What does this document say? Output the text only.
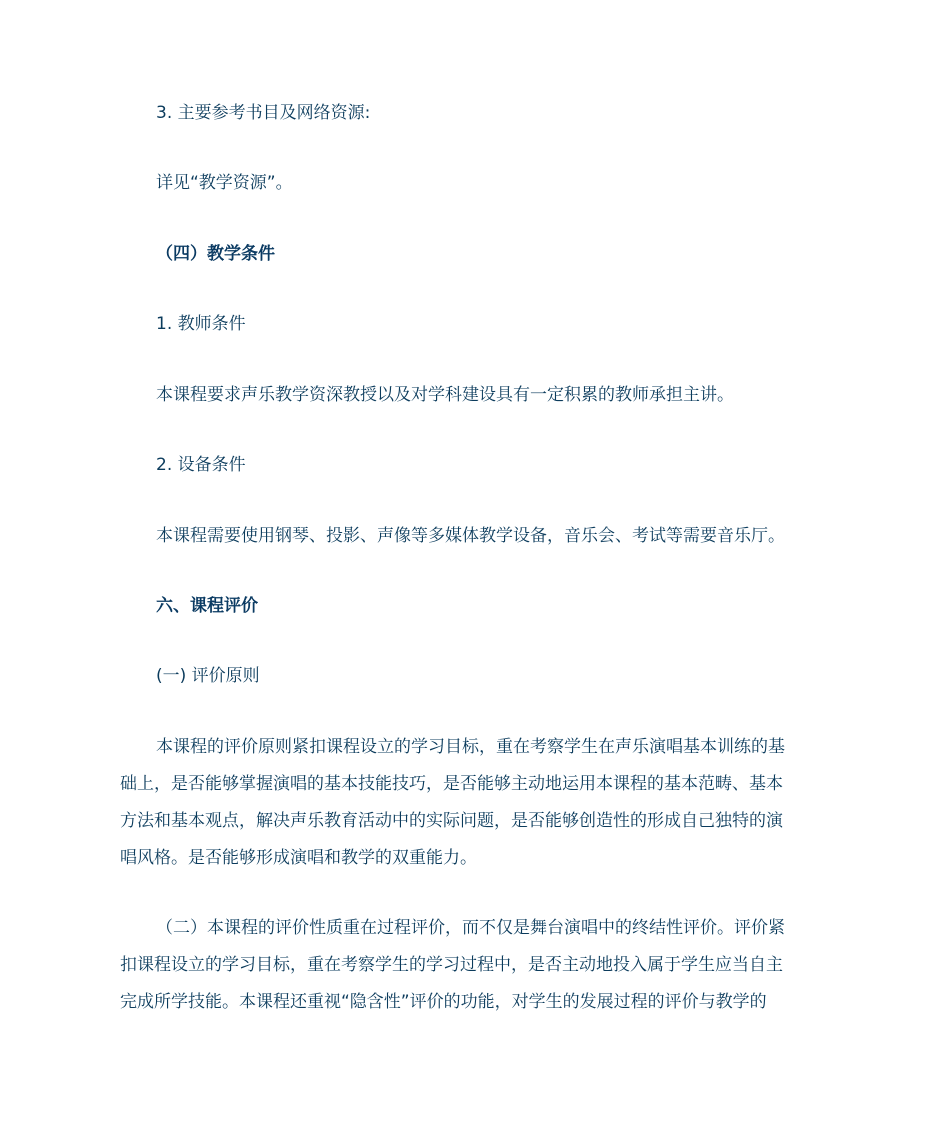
3. 主要参考书目及网络资源:
详见“教学资源”。
（四）教学条件
1. 教师条件
本课程要求声乐教学资深教授以及对学科建设具有一定积累的教师承担主讲。
2. 设备条件
本课程需要使用钢琴、投影、声像等多媒体教学设备，音乐会、考试等需要音乐厅。
六、课程评价
(一) 评价原则
本课程的评价原则紧扣课程设立的学习目标，重在考察学生在声乐演唱基本训练的基
础上，是否能够掌握演唱的基本技能技巧，是否能够主动地运用本课程的基本范畴、基本
方法和基本观点，解决声乐教育活动中的实际问题，是否能够创造性的形成自己独特的演
唱风格。是否能够形成演唱和教学的双重能力。
（二）本课程的评价性质重在过程评价，而不仅是舞台演唱中的终结性评价。评价紧
扣课程设立的学习目标，重在考察学生的学习过程中，是否主动地投入属于学生应当自主
完成所学技能。本课程还重视“隐含性”评价的功能，对学生的发展过程的评价与教学的
